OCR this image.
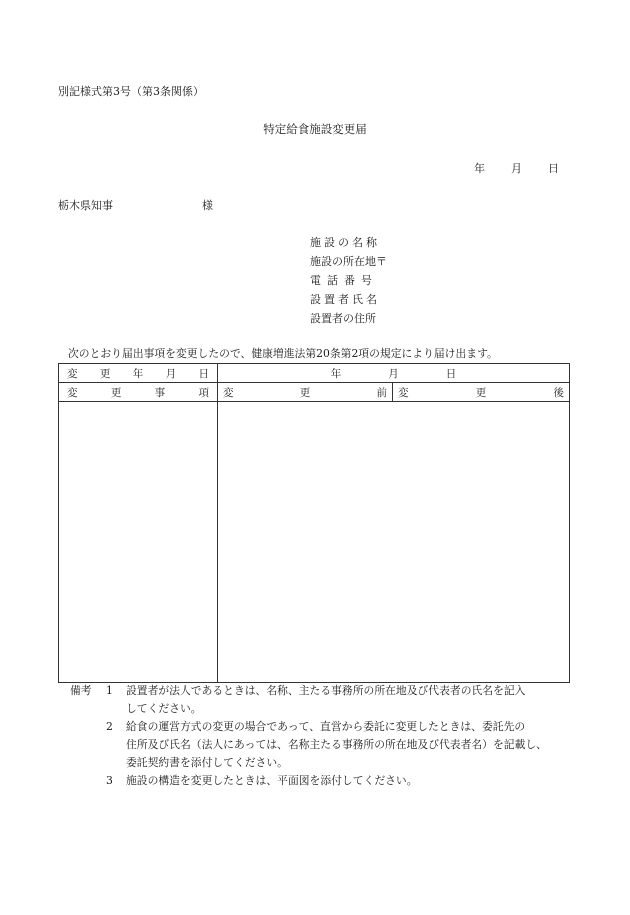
別記様式第3号（第3条関係）
特定給食施設変更届
年 月 日
栃木県知事	様
施設の名称
施設の所在地〒
電話番号
設置者氏名
設置者の住所
次のとおり届出事項を変更したので、健康増進法第20条第2項の規定により届け出ます。
変 更 年 月 日	年 月 日	

変 更 事 項	変 更 前	変 更 後

備考	1	設置者が法人であるときは、名称、主たる事務所の所在地及び代表者の氏名を記入
してください。
2	給食の運営方式の変更の場合であって、直営から委託に変更したときは、委託先の
住所及び氏名（法人にあっては、名称主たる事務所の所在地及び代表者名）を記載し、
委託契約書を添付してください。
3	施設の構造を変更したときは、平面図を添付してください。
